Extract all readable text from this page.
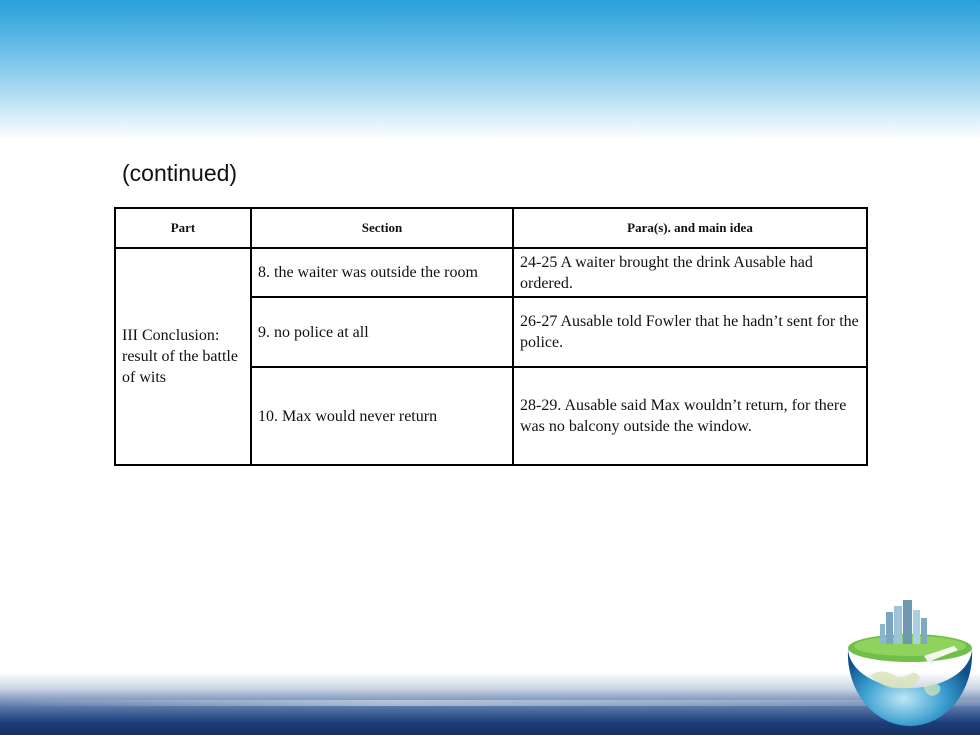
(continued)
Part	Section	Para(s). and main idea
III Conclusion: result of the battle of wits	8. the waiter was outside the room	24-25 A waiter brought the drink Ausable had ordered.
	9. no police at all	26-27 Ausable told Fowler that he hadn’t sent for the police.
	10. Max would never return	28-29. Ausable said Max wouldn’t return, for there was no balcony outside the window.
